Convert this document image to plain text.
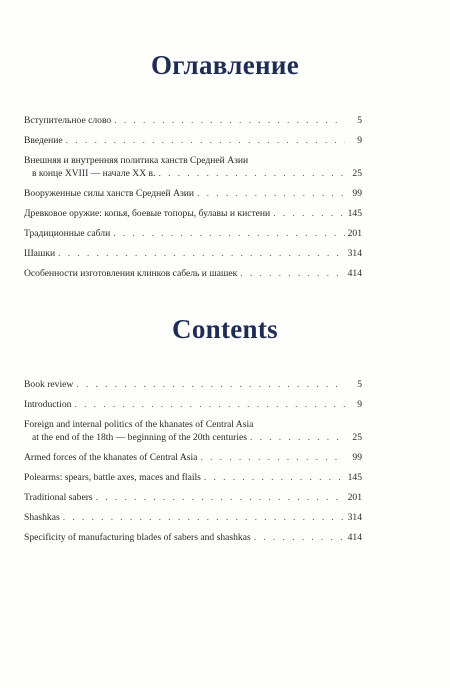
Оглавление
Вступительное слово . . .	5
Введение . . .	9
Внешняя и внутренняя политика ханств Средней Азии
в конце XVIII — начале XX в. . . .	25
Вооруженные силы ханств Средней Азии . . .	99
Древковое оружие: копья, боевые топоры, булавы и кистени . . .	145
Традиционные сабли . . .	201
Шашки . . .	314
Особенности изготовления клинков сабель и шашек . . .	414
Contents
Book review . . .	5
Introduction . . .	9
Foreign and internal politics of the khanates of Central Asia
at the end of the 18th — beginning of the 20th centuries . . .	25
Armed forces of the khanates of Central Asia . . .	99
Polearms: spears, battle axes, maces and flails . . .	145
Traditional sabers . . .	201
Shashkas . . .	314
Specificity of manufacturing blades of sabers and shashkas . . .	414
